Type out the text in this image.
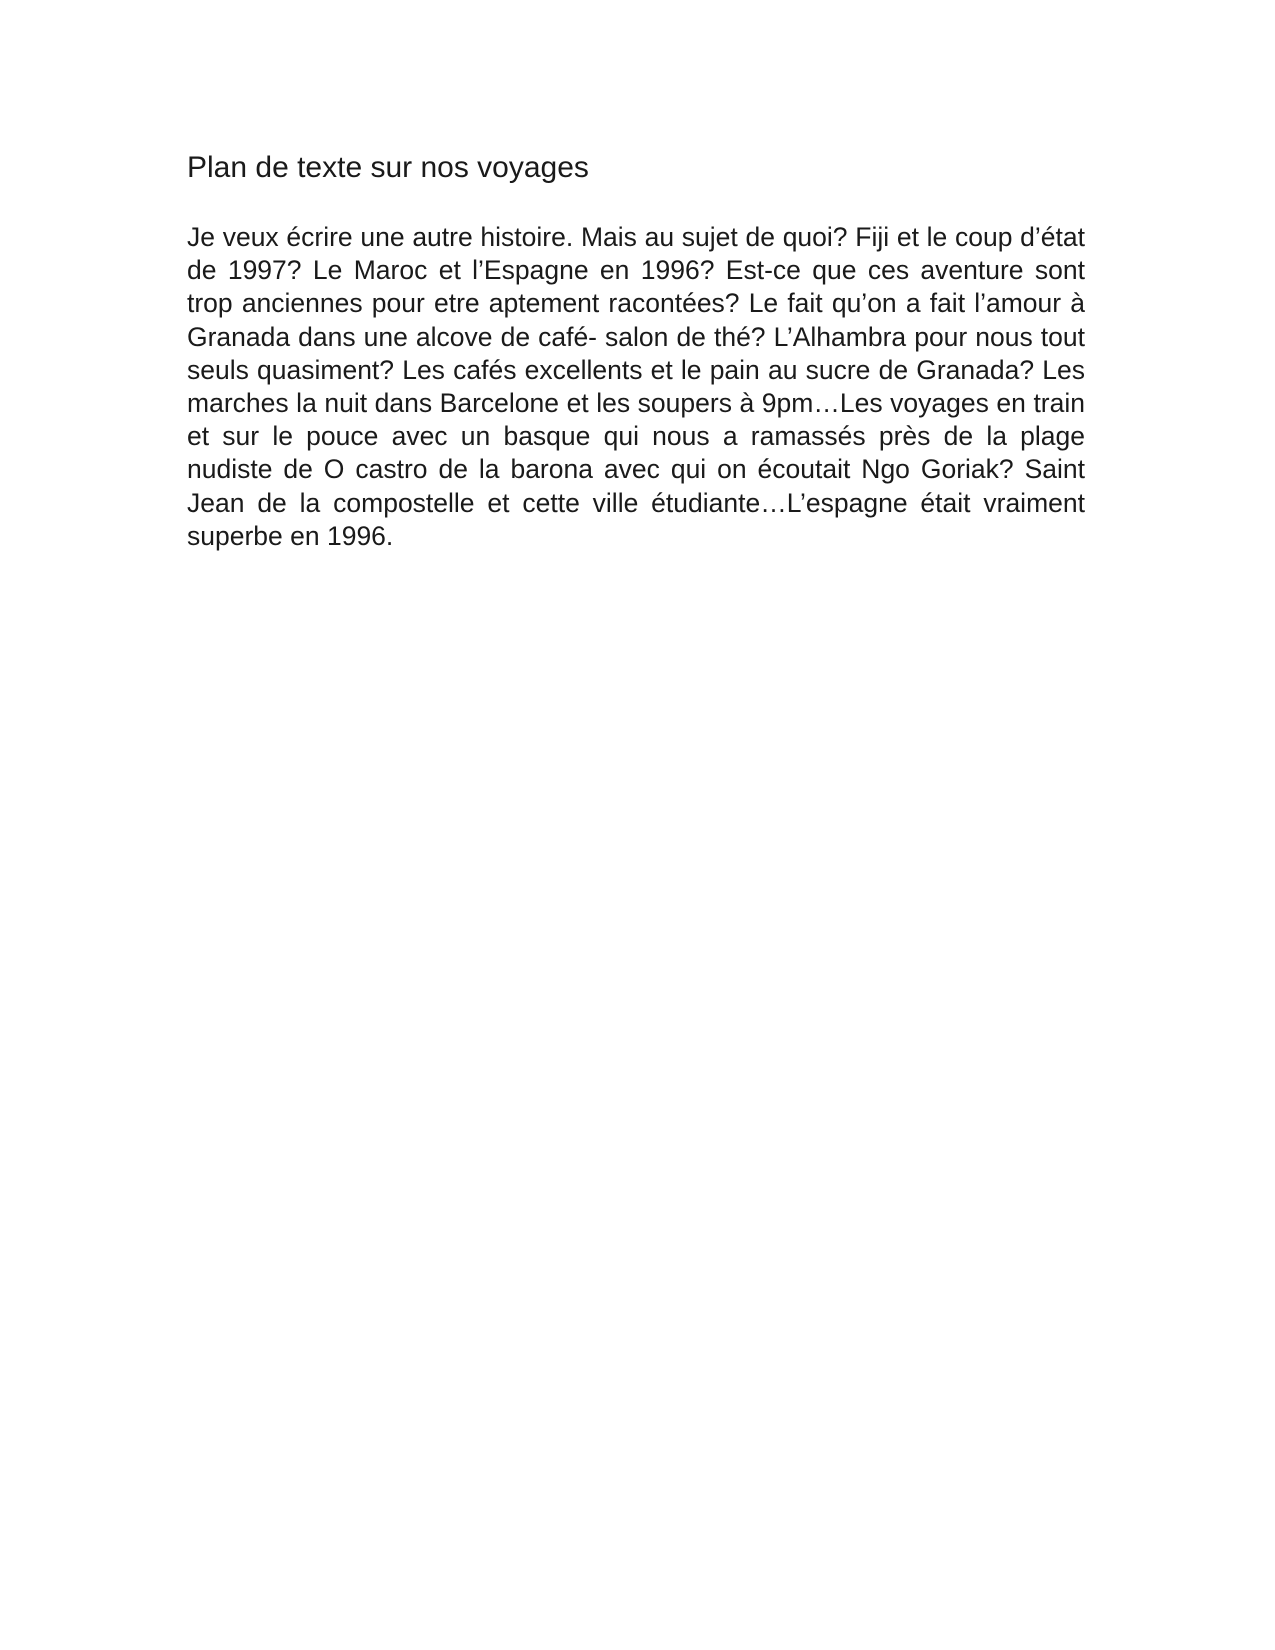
Plan de texte sur nos voyages

Je veux écrire une autre histoire. Mais au sujet de quoi? Fiji et le coup d’état de 1997? Le Maroc et l’Espagne en 1996? Est-ce que ces aventure sont trop anciennes pour etre aptement racontées? Le fait qu’on a fait l’amour à Granada dans une alcove de café- salon de thé? L’Alhambra pour nous tout seuls quasiment? Les cafés excellents et le pain au sucre de Granada? Les marches la nuit dans Barcelone et les soupers à 9pm…Les voyages en train et sur le pouce avec un basque qui nous a ramassés près de la plage nudiste de O castro de la barona avec qui on écoutait Ngo Goriak? Saint Jean de la compostelle et cette ville étudiante…L’espagne était vraiment superbe en 1996.
